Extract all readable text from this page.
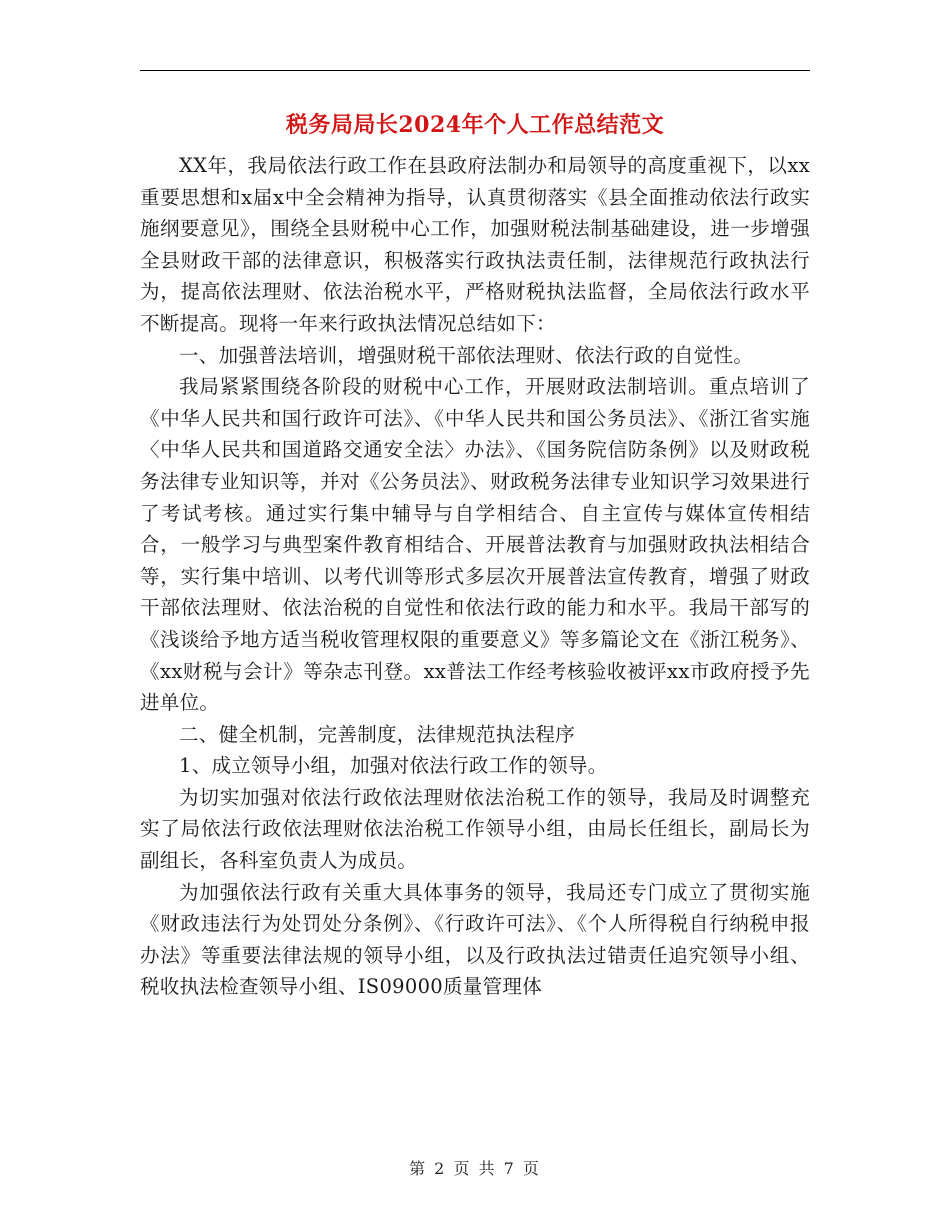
税务局局长2024年个人工作总结范文

XX年，我局依法行政工作在县政府法制办和局领导的高度重视下，以xx重要思想和x届x中全会精神为指导，认真贯彻落实《县全面推动依法行政实施纲要意见》，围绕全县财税中心工作，加强财税法制基础建设，进一步增强全县财政干部的法律意识，积极落实行政执法责任制，法律规范行政执法行为，提高依法理财、依法治税水平，严格财税执法监督，全局依法行政水平不断提高。现将一年来行政执法情况总结如下：

一、加强普法培训，增强财税干部依法理财、依法行政的自觉性。

我局紧紧围绕各阶段的财税中心工作，开展财政法制培训。重点培训了《中华人民共和国行政许可法》、《中华人民共和国公务员法》、《浙江省实施〈中华人民共和国道路交通安全法〉办法》、《国务院信防条例》以及财政税务法律专业知识等，并对《公务员法》、财政税务法律专业知识学习效果进行了考试考核。通过实行集中辅导与自学相结合、自主宣传与媒体宣传相结合，一般学习与典型案件教育相结合、开展普法教育与加强财政执法相结合等，实行集中培训、以考代训等形式多层次开展普法宣传教育，增强了财政干部依法理财、依法治税的自觉性和依法行政的能力和水平。我局干部写的《浅谈给予地方适当税收管理权限的重要意义》等多篇论文在《浙江税务》、《xx财税与会计》等杂志刊登。xx普法工作经考核验收被评xx市政府授予先进单位。

二、健全机制，完善制度，法律规范执法程序

1、成立领导小组，加强对依法行政工作的领导。

为切实加强对依法行政依法理财依法治税工作的领导，我局及时调整充实了局依法行政依法理财依法治税工作领导小组，由局长任组长，副局长为副组长，各科室负责人为成员。

为加强依法行政有关重大具体事务的领导，我局还专门成立了贯彻实施《财政违法行为处罚处分条例》、《行政许可法》、《个人所得税自行纳税申报办法》等重要法律法规的领导小组，以及行政执法过错责任追究领导小组、税收执法检查领导小组、IS09000质量管理体

第 2 页 共 7 页
